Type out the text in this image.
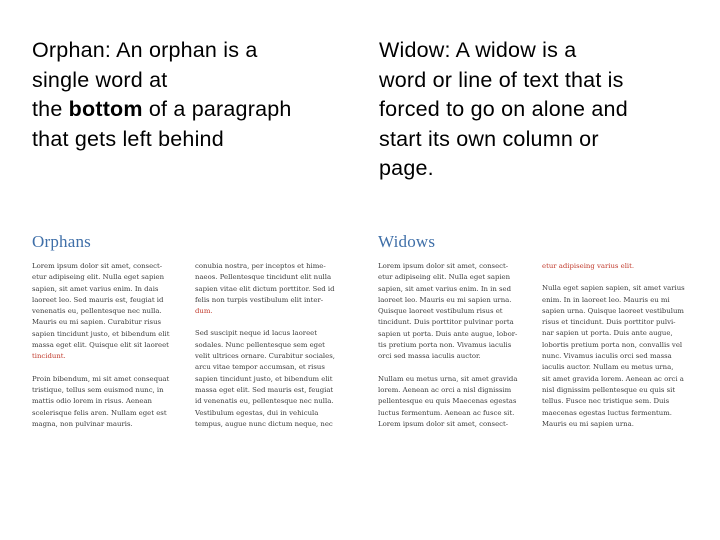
Orphan: An orphan is a
single word at
the bottom of a paragraph
that gets left behind
Widow: A widow is a
word or line of text that is
forced to go on alone and
start its own column or
page.
Orphans
Lorem ipsum dolor sit amet, consect-
etur adipiseing elit. Nulla eget sapien
sapien, sit amet varius enim. In dais
laoreet leo. Sed mauris est, feugiat id
venenatis eu, pellentesque nec nulla.
Mauris eu mi sapien. Curabitur risus
sapien tincidunt justo, et bibendum elit
massa eget elit. Quisque elit sit laoreet
tincidunt.
Proin bibendum, mi sit amet consequat
tristique, tellus sem euismod nunc, in
mattis odio lorem in risus. Aenean
scelerisque felis aren. Nullam eget est
magna, non pulvinar mauris.
conubia nostra, per inceptos et hime-
naeos. Pellentesque tincidunt elit nulla
sapien vitae elit dictum porttitor. Sed id
felis non turpis vestibulum elit inter-
dum.
Sed suscipit neque id lacus laoreet
sodales. Nunc pellentesque sem eget
velit ultrices ornare. Curabitur sociales,
arcu vitae tempor accumsan, et risus
sapien tincidunt justo, et bibendum elit
massa eget elit. Sed mauris est, feugiat
id venenatis eu, pellentesque nec nulla.
Vestibulum egestas, dui in vehicula
tempus, augue nunc dictum neque, nec
Widows
Lorem ipsum dolor sit amet, consect-
etur adipiseing elit. Nulla eget sapien
sapien, sit amet varius enim. In in sed
laoreet leo. Mauris eu mi sapien urna.
Quisque laoreet vestibulum risus et
tincidunt. Duis porttitor pulvinar porta
sapien ut porta. Duis ante augue, lobor-
tis pretium porta non. Vivamus iaculis
orci sed massa iaculis auctor.
Nullam eu metus urna, sit amet gravida
lorem. Aenean ac orci a nisl dignissim
pellentesque eu quis Maecenas egestas
luctus fermentum. Aenean ac fusce sit.
Lorem ipsum dolor sit amet, consect-
etur adipiseing varius elit.
Nulla eget sapien sapien, sit amet varius
enim. In in laoreet leo. Mauris eu mi
sapien urna. Quisque laoreet vestibulum
risus et tincidunt. Duis porttitor pulvi-
nar sapien ut porta. Duis ante augue,
lobortis pretium porta non, convallis vel
nunc. Vivamus iaculis orci sed massa
iaculis auctor. Nullam eu metus urna,
sit amet gravida lorem. Aenean ac orci a
nisl dignissim pellentesque eu quis sit
tellus. Fusce nec tristique sem. Duis
maecenas egestas luctus fermentum.
Mauris eu mi sapien urna.
